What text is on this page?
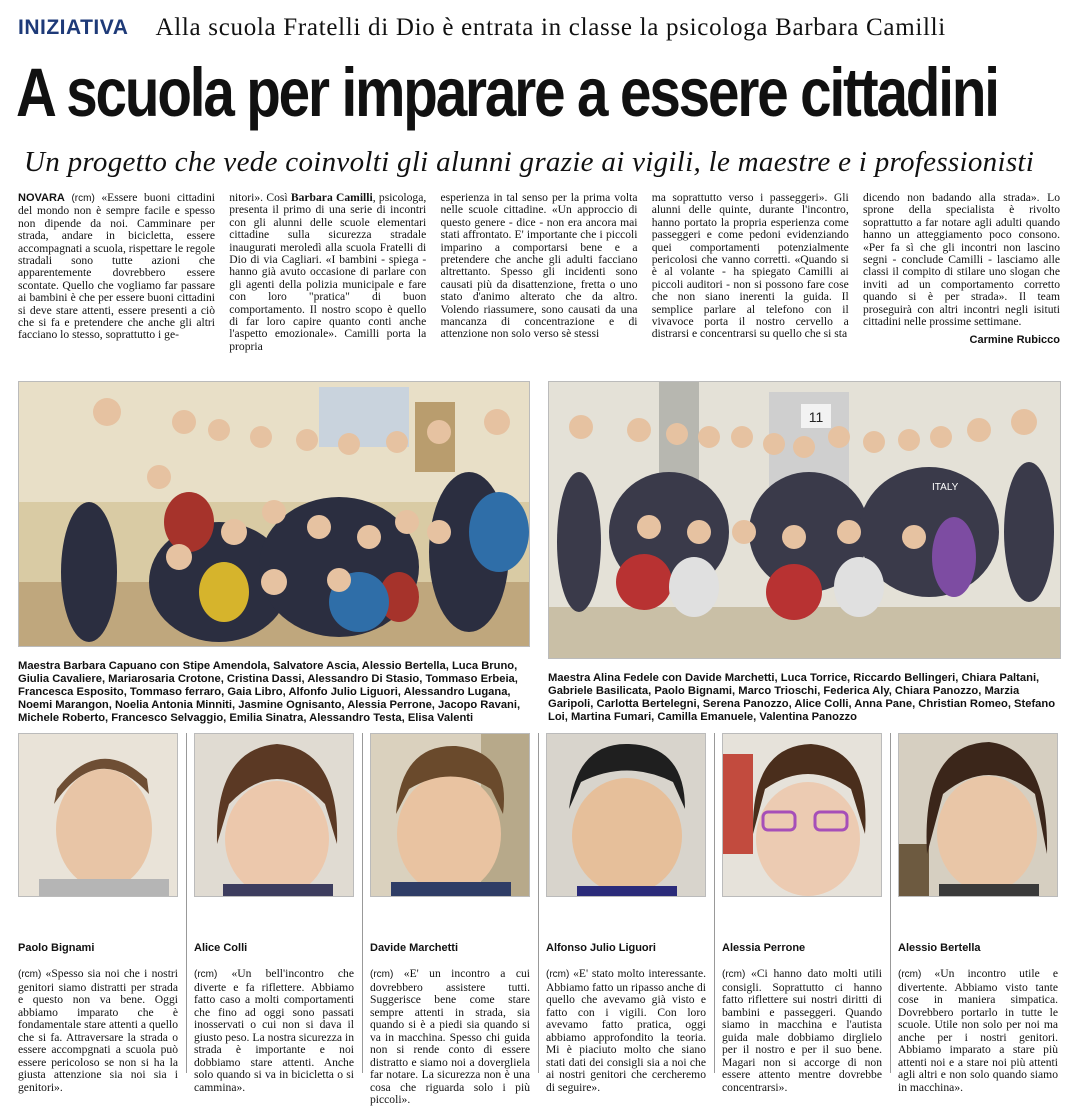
INIZIATIVA Alla scuola Fratelli di Dio è entrata in classe la psicologa Barbara Camilli
A scuola per imparare a essere cittadini
Un progetto che vede coinvolti gli alunni grazie ai vigili, le maestre e i professionisti

NOVARA (rcm) «Essere buoni cittadini del mondo non è sempre facile e spesso non dipende da noi. Camminare per strada, andare in bicicletta, essere accompagnati a scuola, rispettare le regole stradali sono tutte azioni che apparentemente dovrebbero essere scontate. Quello che vogliamo far passare ai bambini è che per essere buoni cittadini si deve stare attenti, essere presenti a ciò che si fa e pretendere che anche gli altri facciano lo stesso, soprattutto i ge-

nitori». Così Barbara Camilli, psicologa, presenta il primo di una serie di incontri con gli alunni delle scuole elementari cittadine sulla sicurezza stradale inaugurati meroledì alla scuola Fratelli di Dio di via Cagliari. «I bambini - spiega - hanno già avuto occasione di parlare con gli agenti della polizia municipale e fare con loro "pratica" di buon comportamento. Il nostro scopo è quello di far loro capire quanto conti anche l'aspetto emozionale». Camilli porta la propria

esperienza in tal senso per la prima volta nelle scuole cittadine. «Un approccio di questo genere - dice - non era ancora mai stati affrontato. E' importante che i piccoli imparino a comportarsi bene e a pretendere che anche gli adulti facciano altrettanto. Spesso gli incidenti sono causati più da disattenzione, fretta o uno stato d'animo alterato che da altro. Volendo riassumere, sono causati da una mancanza di concentrazione e di attenzione non solo verso sè stessi

ma soprattutto verso i passeggeri». Gli alunni delle quinte, durante l'incontro, hanno portato la propria esperienza come passeggeri e come pedoni evidenziando quei comportamenti potenzialmente pericolosi che vanno corretti. «Quando si è al volante - ha spiegato Camilli ai piccoli auditori - non si possono fare cose che non siano inerenti la guida. Il semplice parlare al telefono con il vivavoce porta il nostro cervello a distrarsi e concentrarsi su quello che si sta

dicendo non badando alla strada». Lo sprone della specialista è rivolto soprattutto a far notare agli adulti quando hanno un atteggiamento poco consono. «Per fa sì che gli incontri non lascino segni - conclude Camilli - lasciamo alle classi il compito di stilare uno slogan che inviti ad un comportamento corretto quando si è per strada». Il team proseguirà con altri incontri negli isituti cittadini nelle prossime settimane.

Carmine Rubicco
11
ITALY
Maestra Barbara Capuano con Stipe Amendola, Salvatore Ascia, Alessio Bertella, Luca Bruno, Giulia Cavaliere, Mariarosaria Crotone, Cristina Dassi, Alessandro Di Stasio, Tommaso Erbeia, Francesca Esposito, Tommaso ferraro, Gaia Libro, Alfonfo Julio Liguori, Alessandro Lugana, Noemi Marangon, Noelia Antonia Minniti, Jasmine Ognisanto, Alessia Perrone, Jacopo Ravani, Michele Roberto, Francesco Selvaggio, Emilia Sinatra, Alessandro Testa, Elisa Valenti
Maestra Alina Fedele con Davide Marchetti, Luca Torrice, Riccardo Bellingeri, Chiara Paltani, Gabriele Basilicata, Paolo Bignami, Marco Trioschi, Federica Aly, Chiara Panozzo, Marzia Garipoli, Carlotta Bertelegni, Serena Panozzo, Alice Colli, Anna Pane, Christian Romeo, Stefano Loi, Martina Fumari, Camilla Emanuele, Valentina Panozzo
Paolo Bignami
(rcm) «Spesso sia noi che i nostri genitori siamo distratti per strada e questo non va bene. Oggi abbiamo imparato che è fondamentale stare attenti a quello che si fa. Attraversare la strada o essere accompgnati a scuola può essere pericoloso se non si ha la giusta attenzione sia noi sia i genitori».
Alice Colli
(rcm) «Un bell'incontro che diverte e fa riflettere. Abbiamo fatto caso a molti comportamenti che fino ad oggi sono passati inosservati o cui non si dava il giusto peso. La nostra sicurezza in strada è importante e noi dobbiamo stare attenti. Anche solo quando si va in bicicletta o si cammina».
Davide Marchetti
(rcm) «E' un incontro a cui dovrebbero assistere tutti. Suggerisce bene come stare sempre attenti in strada, sia quando si è a piedi sia quando si va in macchina. Spesso chi guida non si rende conto di essere distratto e siamo noi a dovergliela far notare. La sicurezza non è una cosa che riguarda solo i più piccoli».
Alfonso Julio Liguori
(rcm) «E' stato molto interessante. Abbiamo fatto un ripasso anche di quello che avevamo già visto e fatto con i vigili. Con loro avevamo fatto pratica, oggi abbiamo approfondito la teoria. Mi è piaciuto molto che siano stati dati dei consigli sia a noi che ai nostri genitori che cercheremo di seguire».
Alessia Perrone
(rcm) «Ci hanno dato molti utili consigli. Soprattutto ci hanno fatto riflettere sui nostri diritti di bambini e passeggeri. Quando siamo in macchina e l'autista guida male dobbiamo dirglielo per il nostro e per il suo bene. Magari non si accorge di non essere attento mentre dovrebbe concentrarsi».
Alessio Bertella
(rcm) «Un incontro utile e divertente. Abbiamo visto tante cose in maniera simpatica. Dovrebbero portarlo in tutte le scuole. Utile non solo per noi ma anche per i nostri genitori. Abbiamo imparato a stare più attenti noi e a stare noi più attenti agli altri e non solo quando siamo in macchina».
